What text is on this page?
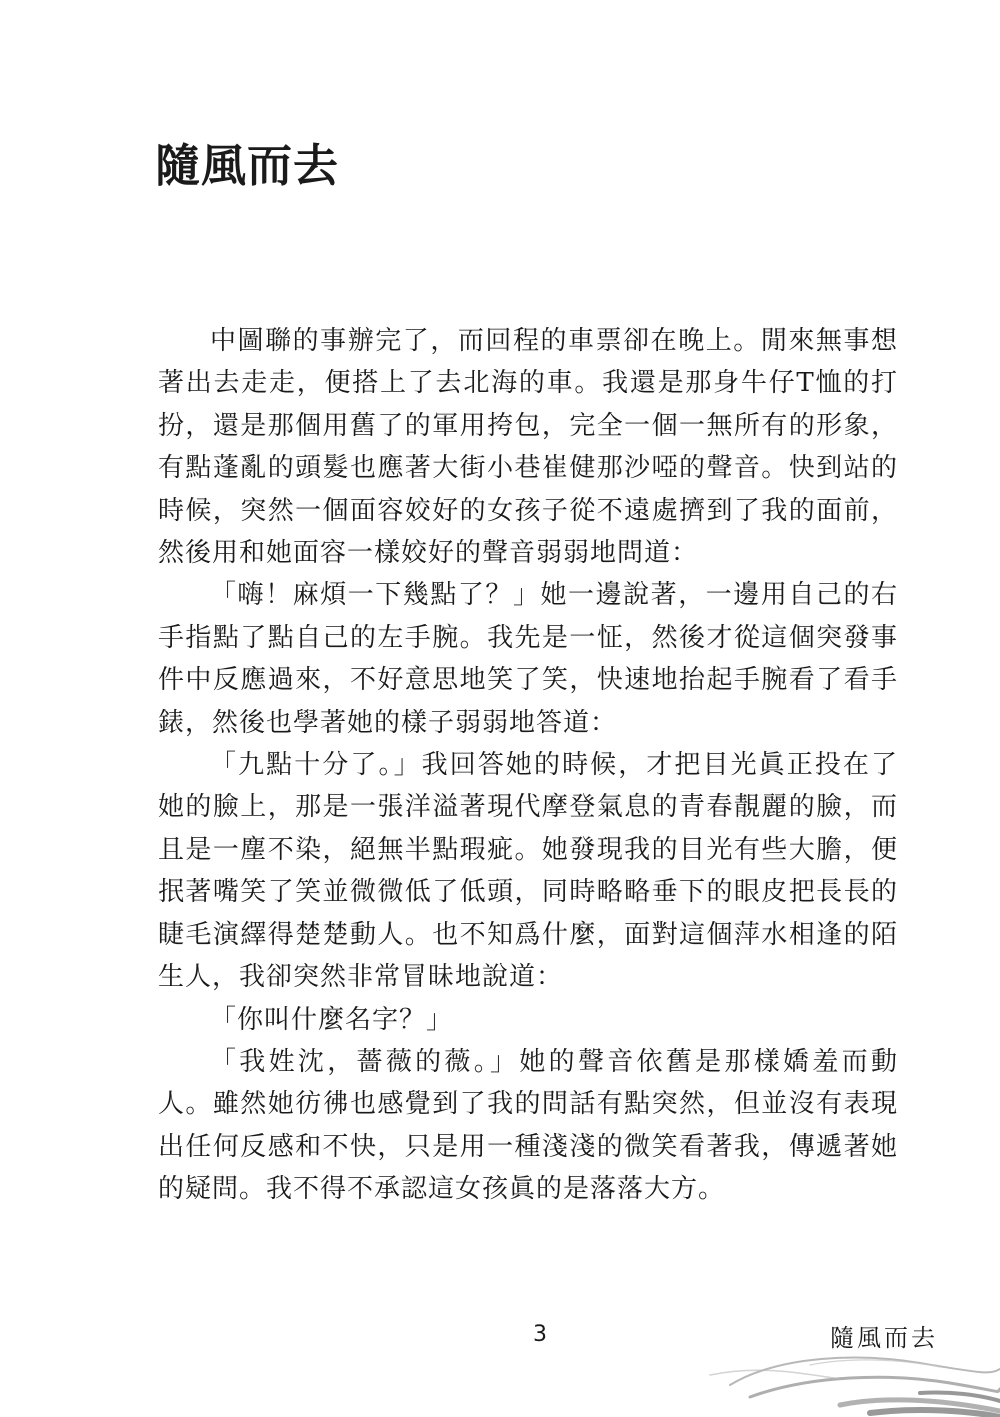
隨風而去

中圖聯的事辦完了，而回程的車票卻在晚上。閒來無事想著出去走走，便搭上了去北海的車。我還是那身牛仔T恤的打扮，還是那個用舊了的軍用挎包，完全一個一無所有的形象，有點蓬亂的頭髮也應著大街小巷崔健那沙啞的聲音。快到站的時候，突然一個面容姣好的女孩子從不遠處擠到了我的面前，然後用和她面容一樣姣好的聲音弱弱地問道：

「嗨！麻煩一下幾點了？」她一邊說著，一邊用自己的右手指點了點自己的左手腕。我先是一怔，然後才從這個突發事件中反應過來，不好意思地笑了笑，快速地抬起手腕看了看手錶，然後也學著她的樣子弱弱地答道：

「九點十分了。」我回答她的時候，才把目光眞正投在了她的臉上，那是一張洋溢著現代摩登氣息的青春靚麗的臉，而且是一塵不染，絕無半點瑕疵。她發現我的目光有些大膽，便抿著嘴笑了笑並微微低了低頭，同時略略垂下的眼皮把長長的睫毛演繹得楚楚動人。也不知爲什麼，面對這個萍水相逢的陌生人，我卻突然非常冒昧地說道：

「你叫什麼名字？」

「我姓沈，薔薇的薇。」她的聲音依舊是那樣嬌羞而動人。雖然她彷彿也感覺到了我的問話有點突然，但並沒有表現出任何反感和不快，只是用一種淺淺的微笑看著我，傳遞著她的疑問。我不得不承認這女孩眞的是落落大方。

3	隨風而去
